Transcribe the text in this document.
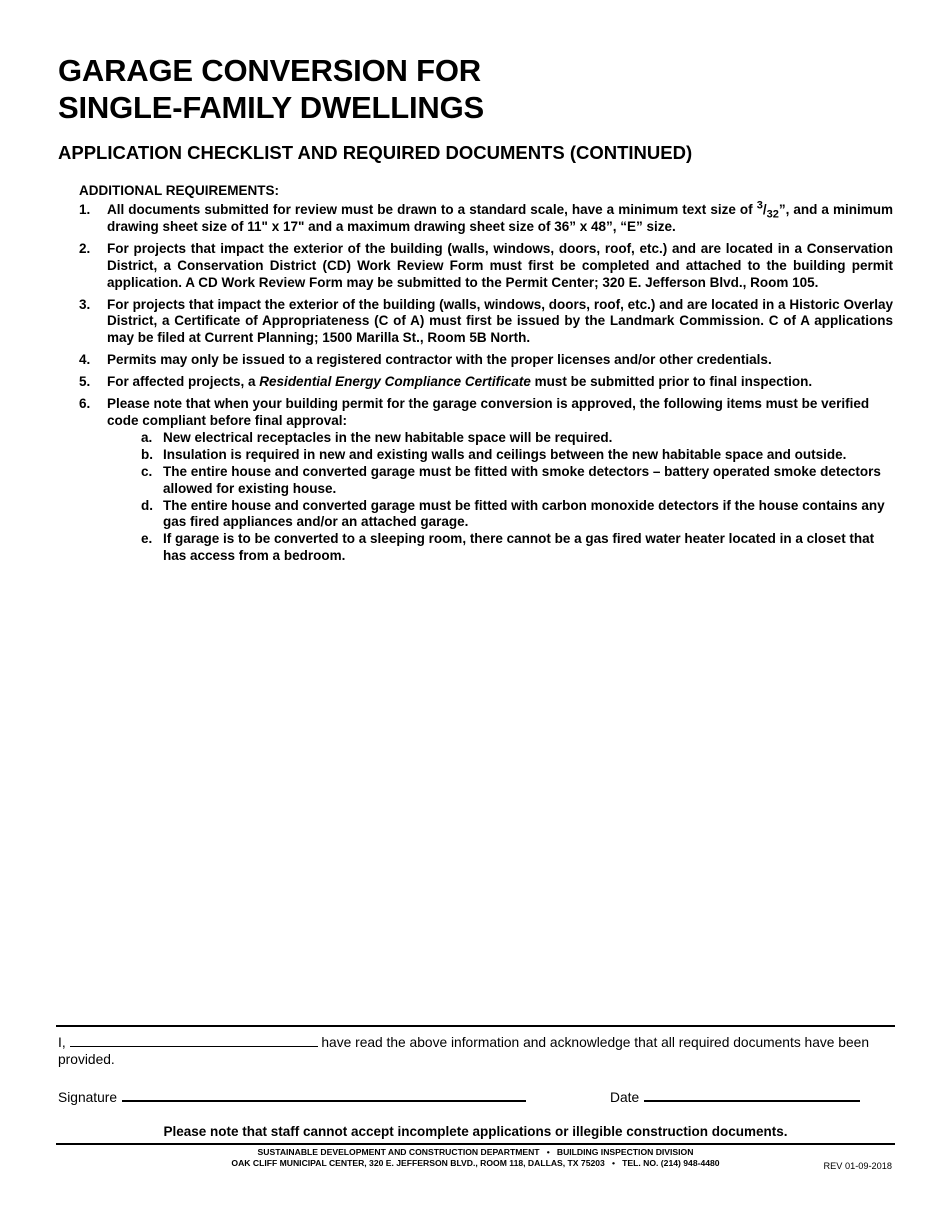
GARAGE CONVERSION FOR
SINGLE-FAMILY DWELLINGS
APPLICATION CHECKLIST AND REQUIRED DOCUMENTS (CONTINUED)
ADDITIONAL REQUIREMENTS:
1.	All documents submitted for review must be drawn to a standard scale, have a minimum text size of $^3/_{32}$”, and a minimum drawing sheet size of 11" x 17" and a maximum drawing sheet size of 36” x 48”, “E” size.
2.	For projects that impact the exterior of the building (walls, windows, doors, roof, etc.) and are located in a Conservation District, a Conservation District (CD) Work Review Form must first be completed and attached to the building permit application. A CD Work Review Form may be submitted to the Permit Center; 320 E. Jefferson Blvd., Room 105.
3.	For projects that impact the exterior of the building (walls, windows, doors, roof, etc.) and are located in a Historic Overlay District, a Certificate of Appropriateness (C of A) must first be issued by the Landmark Commission. C of A applications may be filed at Current Planning; 1500 Marilla St., Room 5B North.
4.	Permits may only be issued to a registered contractor with the proper licenses and/or other credentials.
5.	For affected projects, a Residential Energy Compliance Certificate must be submitted prior to final inspection.
6.	Please note that when your building permit for the garage conversion is approved, the following items must be verified code compliant before final approval:
a. New electrical receptacles in the new habitable space will be required.
b. Insulation is required in new and existing walls and ceilings between the new habitable space and outside.
c. The entire house and converted garage must be fitted with smoke detectors – battery operated smoke detectors allowed for existing house.
d. The entire house and converted garage must be fitted with carbon monoxide detectors if the house contains any gas fired appliances and/or an attached garage.
e. If garage is to be converted to a sleeping room, there cannot be a gas fired water heater located in a closet that has access from a bedroom.
I,	have read the above information and acknowledge that all required documents have been provided.
Signature	Date
Please note that staff cannot accept incomplete applications or illegible construction documents.
SUSTAINABLE DEVELOPMENT AND CONSTRUCTION DEPARTMENT   •   BUILDING INSPECTION DIVISION
OAK CLIFF MUNICIPAL CENTER, 320 E. JEFFERSON BLVD., ROOM 118, DALLAS, TX 75203   •   TEL. NO. (214) 948-4480	REV 01-09-2018
